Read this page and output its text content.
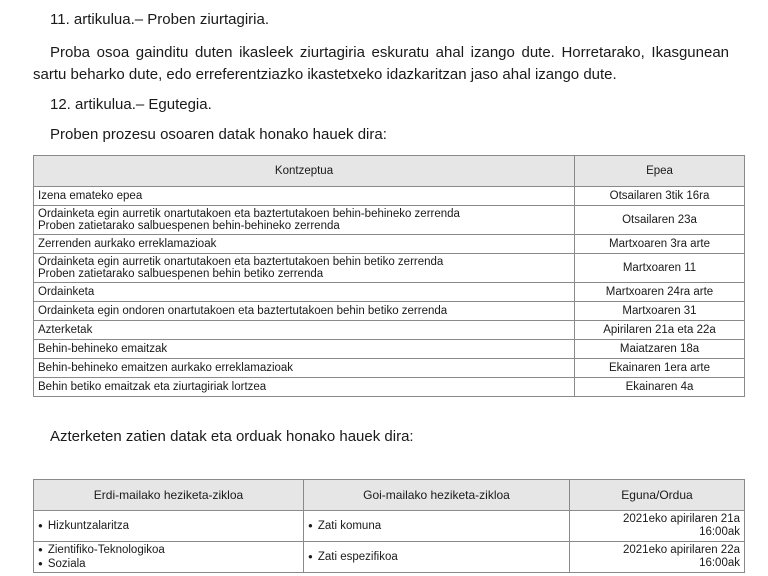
11. artikulua.– Proben ziurtagiria.
Proba osoa gainditu duten ikasleek ziurtagiria eskuratu ahal izango dute. Horretarako, Ikasgunean sartu beharko dute, edo erreferentziazko ikastetxeko idazkaritzan jaso ahal izango dute.
12. artikulua.– Egutegia.
Proben prozesu osoaren datak honako hauek dira:
Kontzeptua	Epea
Izena emateko epea	Otsailaren 3tik 16ra
Ordainketa egin aurretik onartutakoen eta baztertutakoen behin-behineko zerrenda
Proben zatietarako salbuespenen behin-behineko zerrenda	Otsailaren 23a
Zerrenden aurkako erreklamazioak	Martxoaren 3ra arte
Ordainketa egin aurretik onartutakoen eta baztertutakoen behin betiko zerrenda
Proben zatietarako salbuespenen behin betiko zerrenda	Martxoaren 11
Ordainketa	Martxoaren 24ra arte
Ordainketa egin ondoren onartutakoen eta baztertutakoen behin betiko zerrenda	Martxoaren 31
Azterketak	Apirilaren 21a eta 22a
Behin-behineko emaitzak	Maiatzaren 18a
Behin-behineko emaitzen aurkako erreklamazioak	Ekainaren 1era arte
Behin betiko emaitzak eta ziurtagiriak lortzea	Ekainaren 4a
Azterketen zatien datak eta orduak honako hauek dira:
Erdi-mailako heziketa-zikloa	Goi-mailako heziketa-zikloa	Eguna/Ordua

● Hizkuntzalaritza	● Zati komuna	2021eko apirilaren 21a
16:00ak

● Zientifiko-Teknologikoa
● Soziala	● Zati espezifikoa	2021eko apirilaren 22a
16:00ak
